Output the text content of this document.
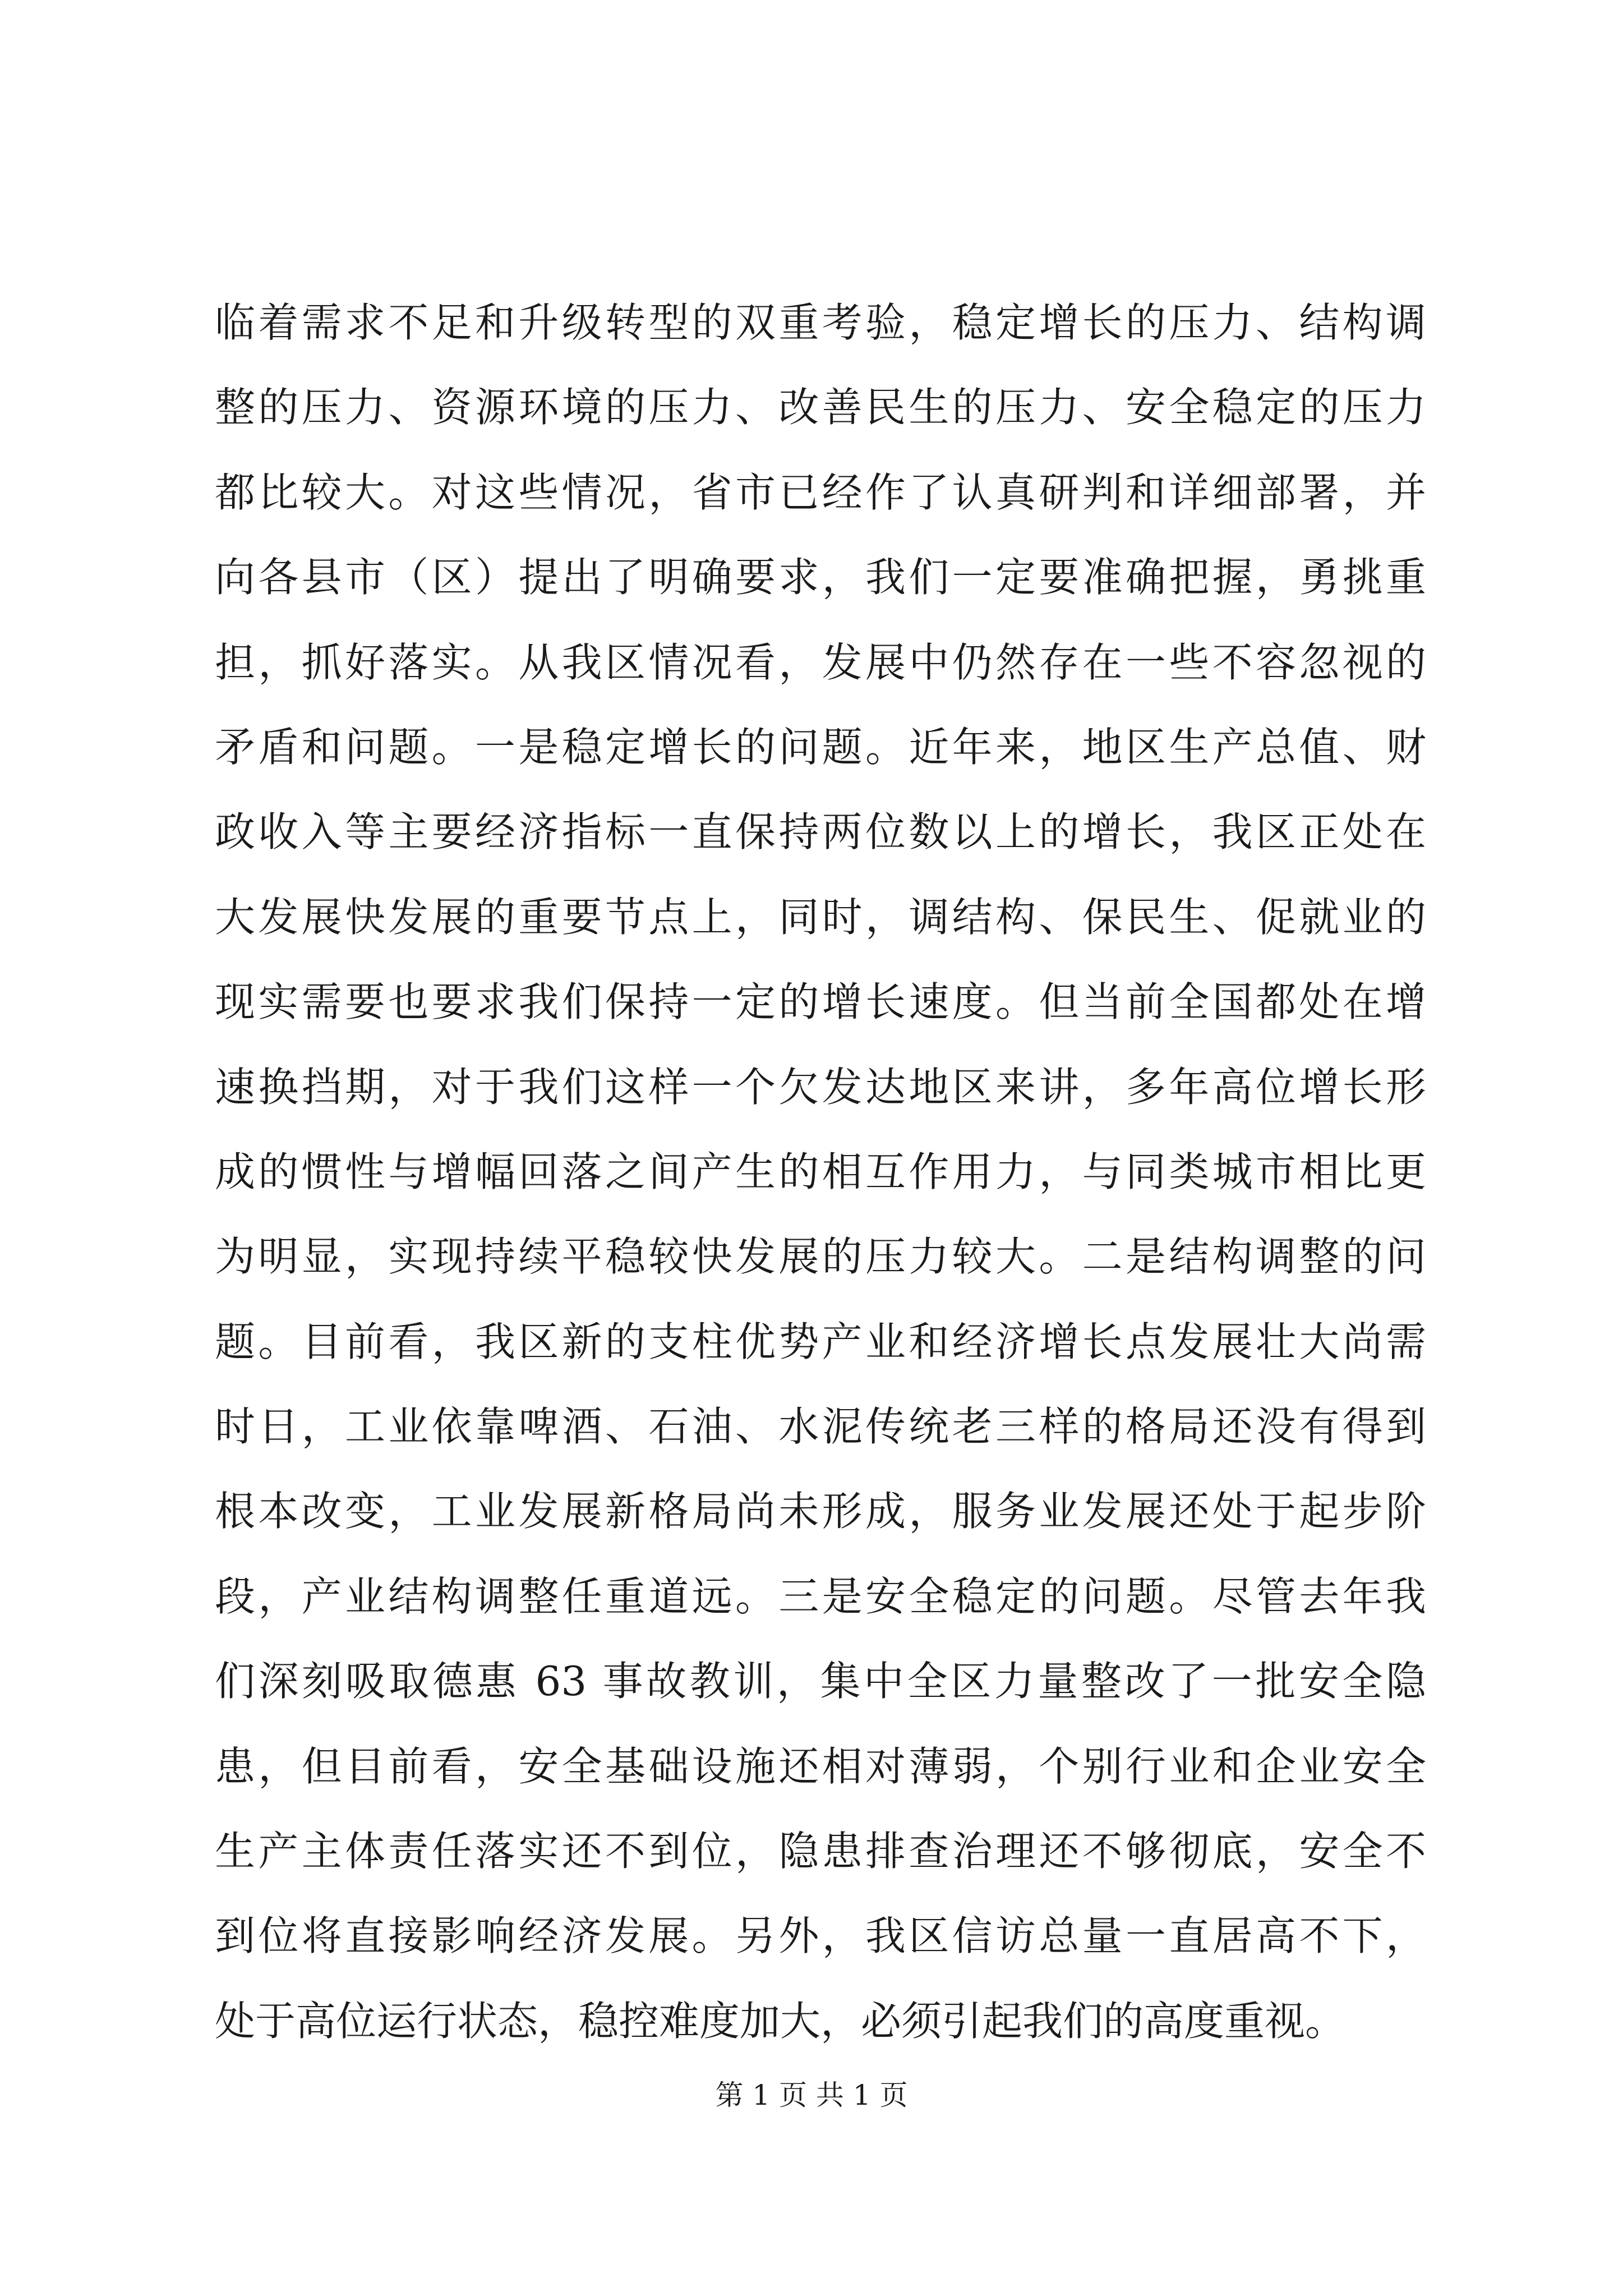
临着需求不足和升级转型的双重考验，稳定增长的压力、结构调
整的压力、资源环境的压力、改善民生的压力、安全稳定的压力
都比较大。对这些情况，省市已经作了认真研判和详细部署，并
向各县市（区）提出了明确要求，我们一定要准确把握，勇挑重
担，抓好落实。从我区情况看，发展中仍然存在一些不容忽视的
矛盾和问题。一是稳定增长的问题。近年来，地区生产总值、财
政收入等主要经济指标一直保持两位数以上的增长，我区正处在
大发展快发展的重要节点上，同时，调结构、保民生、促就业的
现实需要也要求我们保持一定的增长速度。但当前全国都处在增
速换挡期，对于我们这样一个欠发达地区来讲，多年高位增长形
成的惯性与增幅回落之间产生的相互作用力，与同类城市相比更
为明显，实现持续平稳较快发展的压力较大。二是结构调整的问
题。目前看，我区新的支柱优势产业和经济增长点发展壮大尚需
时日，工业依靠啤酒、石油、水泥传统老三样的格局还没有得到
根本改变，工业发展新格局尚未形成，服务业发展还处于起步阶
段，产业结构调整任重道远。三是安全稳定的问题。尽管去年我
们深刻吸取德惠 63 事故教训，集中全区力量整改了一批安全隐
患，但目前看，安全基础设施还相对薄弱，个别行业和企业安全
生产主体责任落实还不到位，隐患排查治理还不够彻底，安全不
到位将直接影响经济发展。另外，我区信访总量一直居高不下，
处于高位运行状态，稳控难度加大，必须引起我们的高度重视。
第 1 页 共 1 页
